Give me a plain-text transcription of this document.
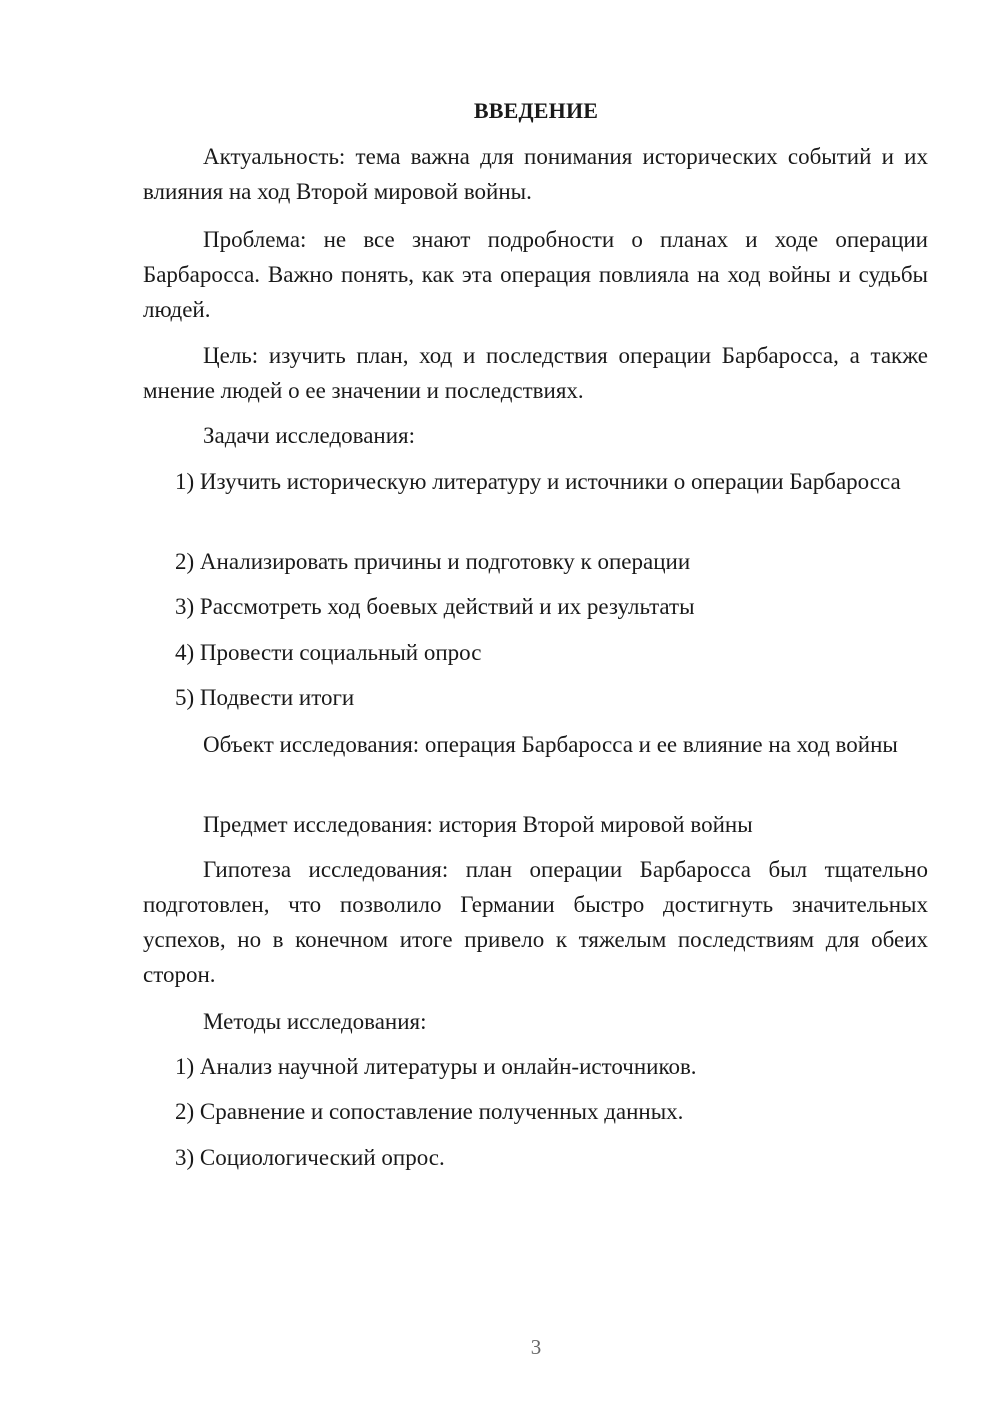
ВВЕДЕНИЕ

Актуальность: тема важна для понимания исторических событий и их влияния на ход Второй мировой войны.

Проблема: не все знают подробности о планах и ходе операции Барбаросса. Важно понять, как эта операция повлияла на ход войны и судьбы людей.

Цель: изучить план, ход и последствия операции Барбаросса, а также мнение людей о ее значении и последствиях.

Задачи исследования:

1) Изучить историческую литературу и источники о операции Барбаросса

2) Анализировать причины и подготовку к операции

3) Рассмотреть ход боевых действий и их результаты

4) Провести социальный опрос

5) Подвести итоги

Объект исследования: операция Барбаросса и ее влияние на ход войны

Предмет исследования: история Второй мировой войны

Гипотеза исследования: план операции Барбаросса был тщательно подготовлен, что позволило Германии быстро достигнуть значительных успехов, но в конечном итоге привело к тяжелым последствиям для обеих сторон.

Методы исследования:

1) Анализ научной литературы и онлайн-источников.

2) Сравнение и сопоставление полученных данных.

3) Социологический опрос.

3
